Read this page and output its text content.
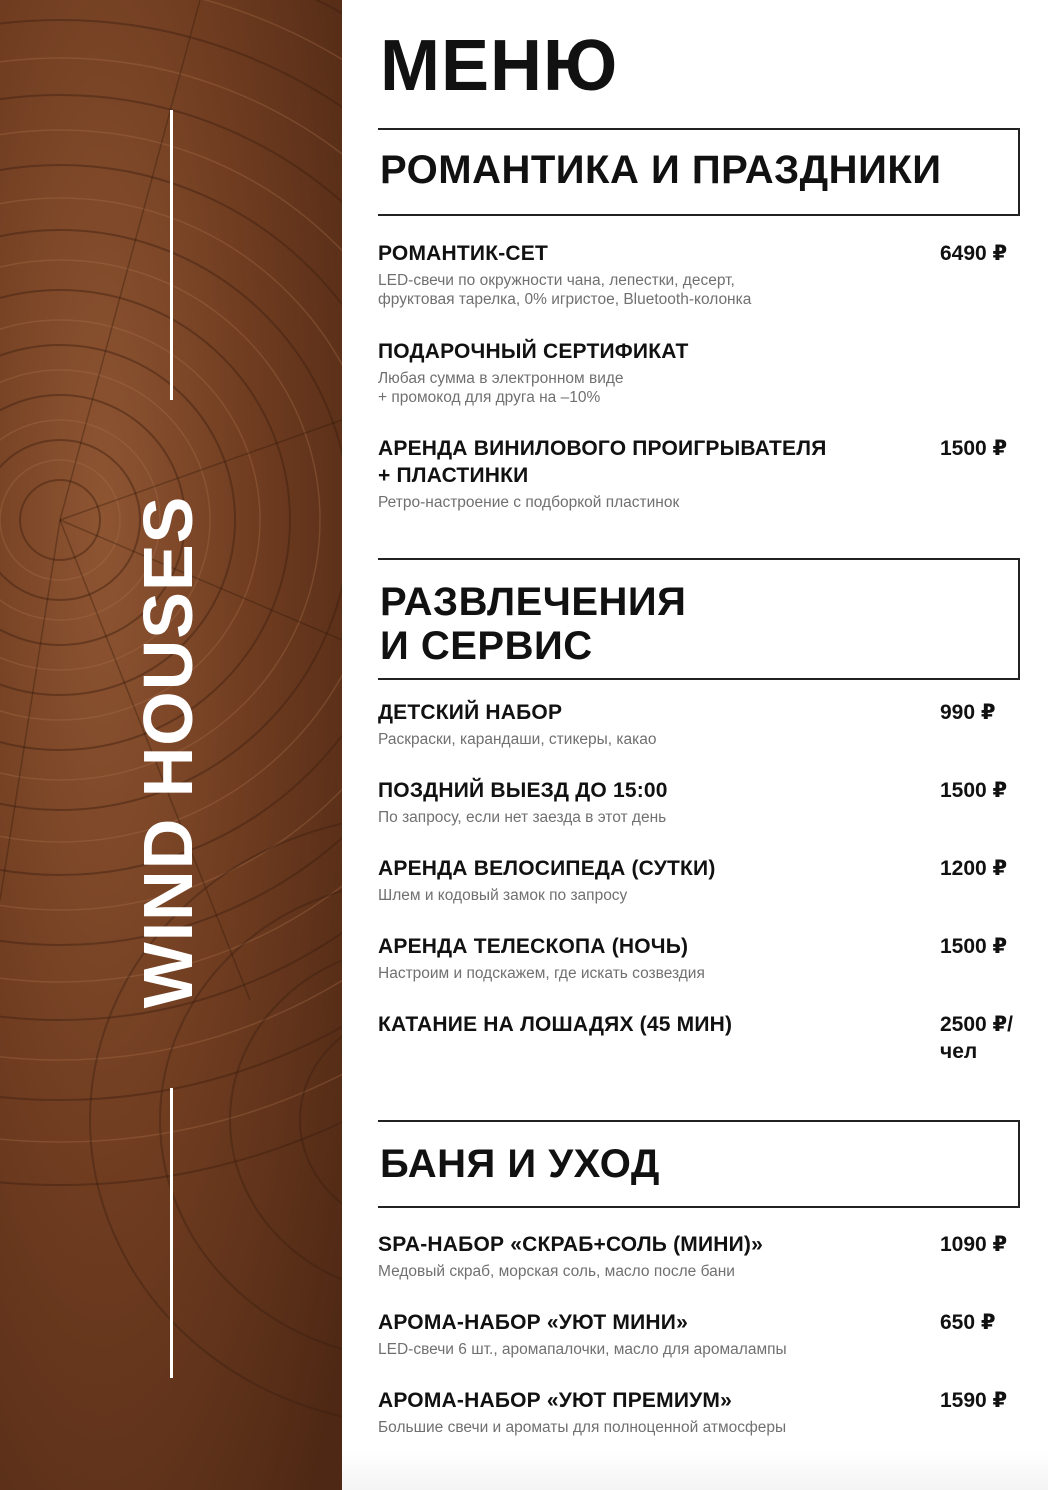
WIND HOUSES
МЕНЮ
РОМАНТИКА И ПРАЗДНИКИ
РОМАНТИК-СЕТ
LED-свечи по окружности чана, лепестки, десерт,
фруктовая тарелка, 0% игристое, Bluetooth-колонка
6490 ₽
ПОДАРОЧНЫЙ СЕРТИФИКАТ
Любая сумма в электронном виде
+ промокод для друга на –10%
АРЕНДА ВИНИЛОВОГО ПРОИГРЫВАТЕЛЯ
+ ПЛАСТИНКИ
Ретро-настроение с подборкой пластинок
1500 ₽
РАЗВЛЕЧЕНИЯ
И СЕРВИС
ДЕТСКИЙ НАБОР
Раскраски, карандаши, стикеры, какао
990 ₽
ПОЗДНИЙ ВЫЕЗД ДО 15:00
По запросу, если нет заезда в этот день
1500 ₽
АРЕНДА ВЕЛОСИПЕДА (СУТКИ)
Шлем и кодовый замок по запросу
1200 ₽
АРЕНДА ТЕЛЕСКОПА (НОЧЬ)
Настроим и подскажем, где искать созвездия
1500 ₽
КАТАНИЕ НА ЛОШАДЯХ (45 МИН)	2500 ₽/
чел
БАНЯ И УХОД
SPA-НАБОР «СКРАБ+СОЛЬ (МИНИ)»
Медовый скраб, морская соль, масло после бани
1090 ₽
АРОМА-НАБОР «УЮТ МИНИ»
LED-свечи 6 шт., аромапалочки, масло для аромалампы
650 ₽
АРОМА-НАБОР «УЮТ ПРЕМИУМ»
Большие свечи и ароматы для полноценной атмосферы
1590 ₽
